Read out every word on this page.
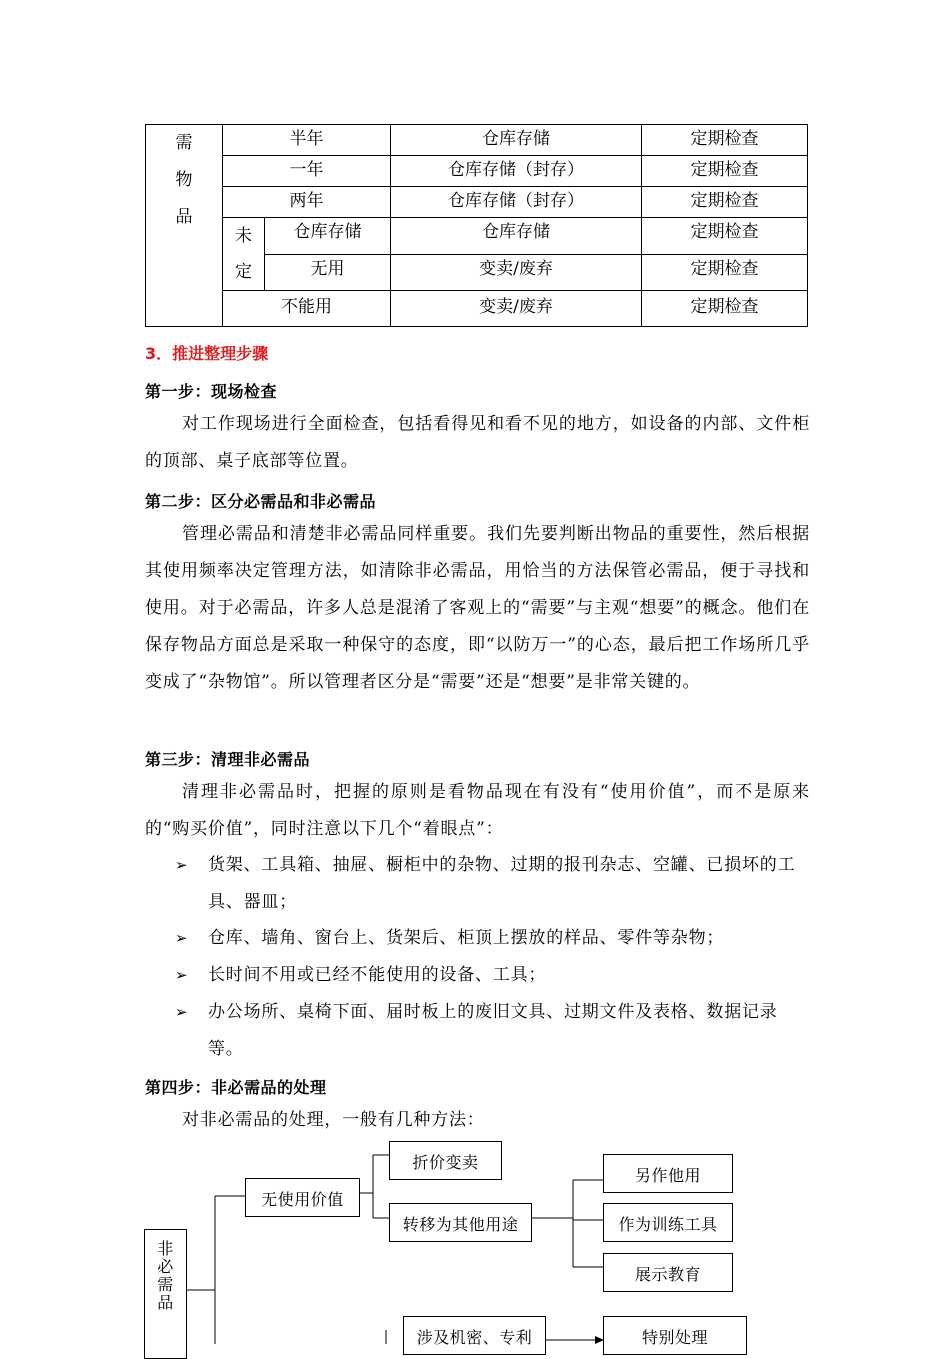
需
物
品	半年		仓库存储	定期检查
	一年		仓库存储（封存）	定期检查
	两年		仓库存储（封存）	定期检查

	未
定	仓库存储	仓库存储	定期检查
		无用	变卖/废弃	定期检查
	不能用		变卖/废弃	定期检查
3．推进整理步骤
第一步：现场检查

对工作现场进行全面检查，包括看得见和看不见的地方，如设备的内部、文件柜的顶部、桌子底部等位置。

第二步：区分必需品和非必需品

管理必需品和清楚非必需品同样重要。我们先要判断出物品的重要性，然后根据其使用频率决定管理方法，如清除非必需品，用恰当的方法保管必需品，便于寻找和使用。对于必需品，许多人总是混淆了客观上的“需要”与主观“想要”的概念。他们在保存物品方面总是采取一种保守的态度，即“以防万一”的心态，最后把工作场所几乎变成了“杂物馆”。所以管理者区分是“需要”还是“想要”是非常关键的。

第三步：清理非必需品

清理非必需品时，把握的原则是看物品现在有没有“使用价值”，而不是原来的“购买价值”，同时注意以下几个“着眼点”：

➢	货架、工具箱、抽屉、橱柜中的杂物、过期的报刊杂志、空罐、已损坏的工具、器皿；
➢	仓库、墙角、窗台上、货架后、柜顶上摆放的样品、零件等杂物；
➢	长时间不用或已经不能使用的设备、工具；
➢	办公场所、桌椅下面、届时板上的废旧文具、过期文件及表格、数据记录等。
第四步：非必需品的处理

对非必需品的处理，一般有几种方法：

非
必
需
品
无使用价值
折价变卖
转移为其他用途
另作他用
作为训练工具
展示教育
涉及机密、专利	特别处理
